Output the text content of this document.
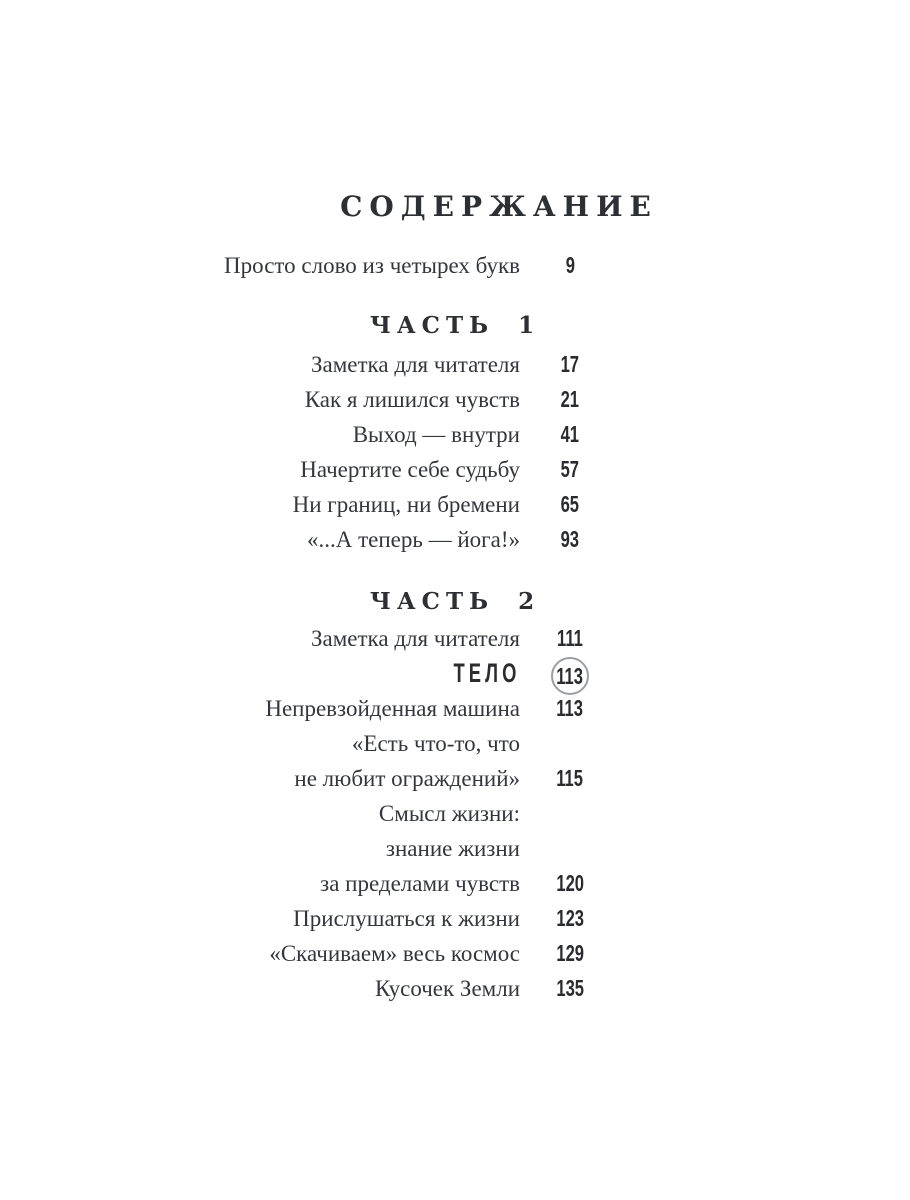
СОДЕРЖАНИЕ
Просто слово из четырех букв	9
ЧАСТЬ 1
Заметка для читателя	17
Как я лишился чувств	21
Выход — внутри	41
Начертите себе судьбу	57
Ни границ, ни бремени	65
«...А теперь — йога!»	93
ЧАСТЬ 2
Заметка для читателя	111
ТЕЛО 113
Непревзойденная машина	113
«Есть что-то, что
не любит ограждений»	115
Смысл жизни:
знание жизни
за пределами чувств	120
Прислушаться к жизни	123
«Скачиваем» весь космос	129
Кусочек Земли	135
